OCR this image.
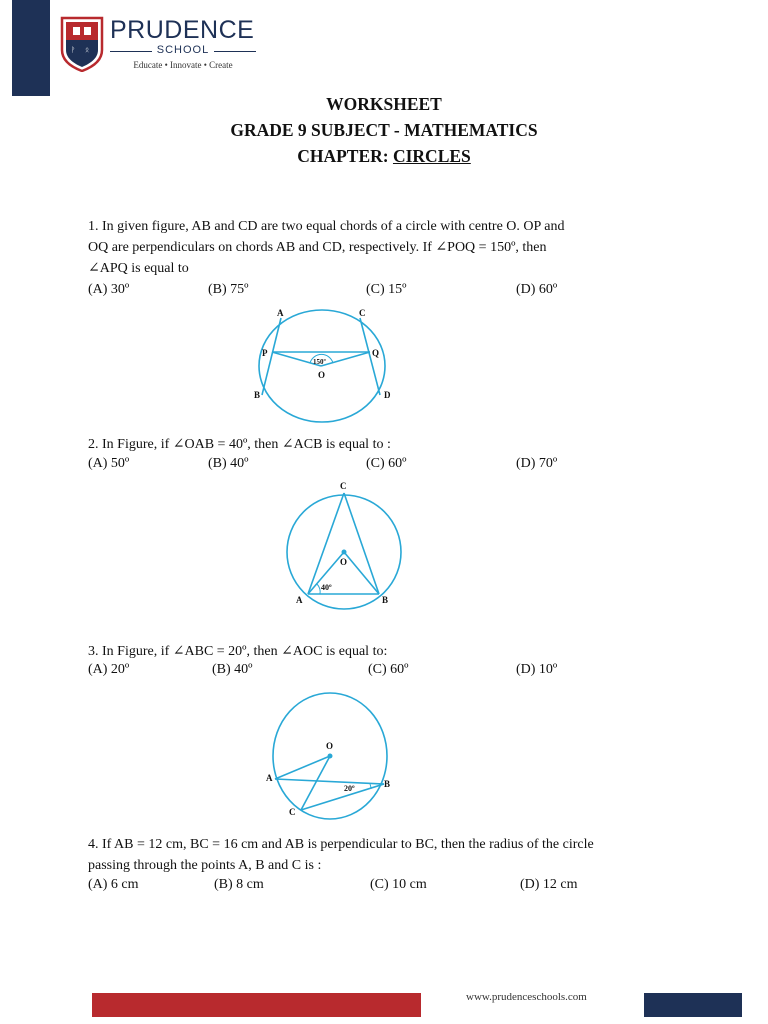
ᚹ ᛟ
PRUDENCE
SCHOOL
Educate • Innovate • Create
WORKSHEET
GRADE 9 SUBJECT - MATHEMATICS
CHAPTER: CIRCLES
1. In given figure, AB and CD are two equal chords of a circle with centre O. OP and
OQ are perpendiculars on chords AB and CD, respectively. If ∠POQ = 150º, then
∠APQ is equal to
(A) 30º	(B) 75º	(C) 15º	(D) 60º
A	C
P	Q
O
B	D
150º
2. In Figure, if ∠OAB = 40º, then ∠ACB is equal to :
(A) 50º	(B) 40º	(C) 60º	(D) 70º
C
O
A	B
40º
3. In Figure, if ∠ABC = 20º, then ∠AOC is equal to:
(A) 20º	(B) 40º	(C) 60º	(D) 10º
O
A
B
C
20º
4. If AB = 12 cm, BC = 16 cm and AB is perpendicular to BC, then the radius of the circle
passing through the points A, B and C is :
(A) 6 cm	(B) 8 cm	(C) 10 cm	(D) 12 cm
www.prudenceschools.com
